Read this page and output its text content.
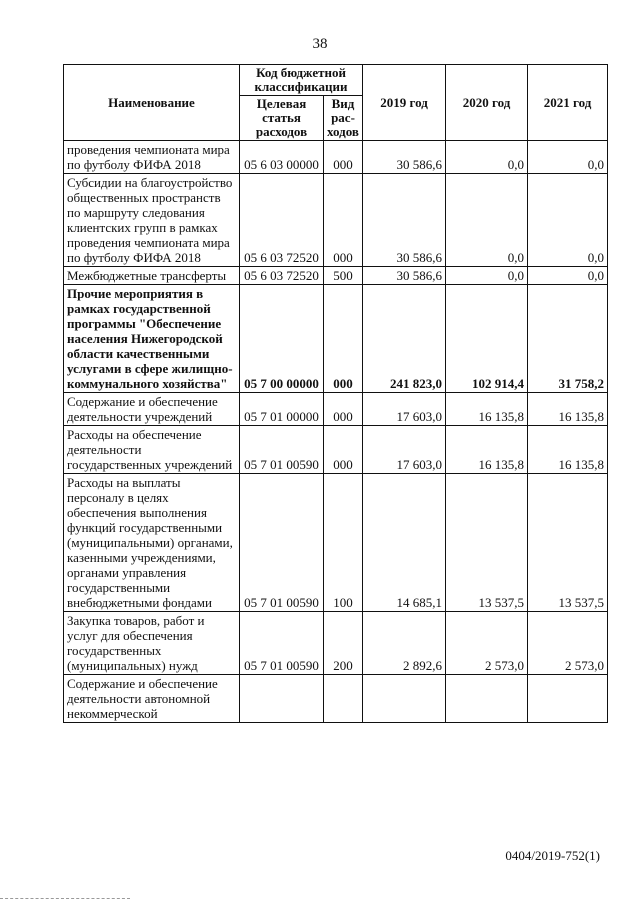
38
Наименование	Код бюджетной классификации		2019 год	2020 год	2021 год
	Целевая статья расходов	Вид рас-ходов			
проведения чемпионата мира по футболу ФИФА 2018	05 6 03 00000	000	30 586,6	0,0	0,0
Субсидии на благоустройство общественных пространств по маршруту следования клиентских групп в рамках проведения чемпионата мира по футболу ФИФА 2018	05 6 03 72520	000	30 586,6	0,0	0,0
Межбюджетные трансферты	05 6 03 72520	500	30 586,6	0,0	0,0
Прочие мероприятия в рамках государственной программы "Обеспечение населения Нижегородской области качественными услугами в сфере жилищно-коммунального хозяйства"	05 7 00 00000	000	241 823,0	102 914,4	31 758,2
Содержание и обеспечение деятельности учреждений	05 7 01 00000	000	17 603,0	16 135,8	16 135,8
Расходы на обеспечение деятельности государственных учреждений	05 7 01 00590	000	17 603,0	16 135,8	16 135,8
Расходы на выплаты персоналу в целях обеспечения выполнения функций государственными (муниципальными) органами, казенными учреждениями, органами управления государственными внебюджетными фондами	05 7 01 00590	100	14 685,1	13 537,5	13 537,5
Закупка товаров, работ и услуг для обеспечения государственных (муниципальных) нужд	05 7 01 00590	200	2 892,6	2 573,0	2 573,0
Содержание и обеспечение деятельности автономной некоммерческой					
0404/2019-752(1)
